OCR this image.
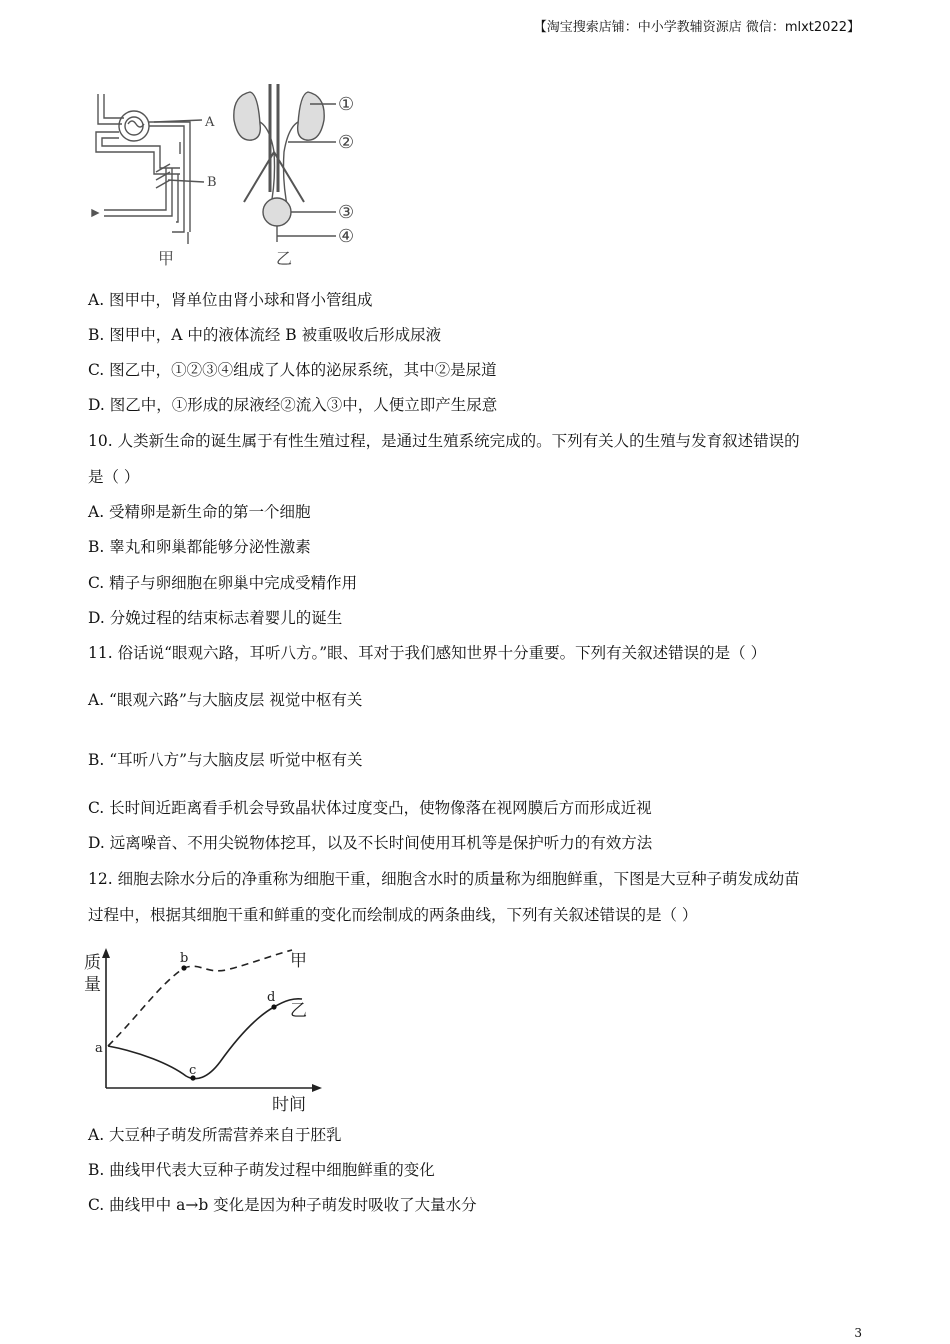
【淘宝搜索店铺：中小学教辅资源店 微信：mlxt2022】
A
B
甲	乙
①
②
③
④
A. 图甲中，肾单位由肾小球和肾小管组成
B. 图甲中，A 中的液体流经 B 被重吸收后形成尿液
C. 图乙中，①②③④组成了人体的泌尿系统，其中②是尿道
D. 图乙中，①形成的尿液经②流入③中，人便立即产生尿意
10. 人类新生命的诞生属于有性生殖过程，是通过生殖系统完成的。下列有关人的生殖与发育叙述错误的
是（ ）
A. 受精卵是新生命的第一个细胞
B. 睾丸和卵巢都能够分泌性激素
C. 精子与卵细胞在卵巢中完成受精作用
D. 分娩过程的结束标志着婴儿的诞生
11. 俗话说“眼观六路，耳听八方。”眼、耳对于我们感知世界十分重要。下列有关叙述错误的是（ ）
A. “眼观六路”与大脑皮层 视觉中枢有关
B. “耳听八方”与大脑皮层 听觉中枢有关
C. 长时间近距离看手机会导致晶状体过度变凸，使物像落在视网膜后方而形成近视
D. 远离噪音、不用尖锐物体挖耳，以及不长时间使用耳机等是保护听力的有效方法
12. 细胞去除水分后的净重称为细胞干重，细胞含水时的质量称为细胞鲜重，下图是大豆种子萌发成幼苗
过程中，根据其细胞干重和鲜重的变化而绘制成的两条曲线，下列有关叙述错误的是（ ）
质
量
时间
甲
乙
a
b
c
d
A. 大豆种子萌发所需营养来自于胚乳
B. 曲线甲代表大豆种子萌发过程中细胞鲜重的变化
C. 曲线甲中 a→b 变化是因为种子萌发时吸收了大量水分
3
